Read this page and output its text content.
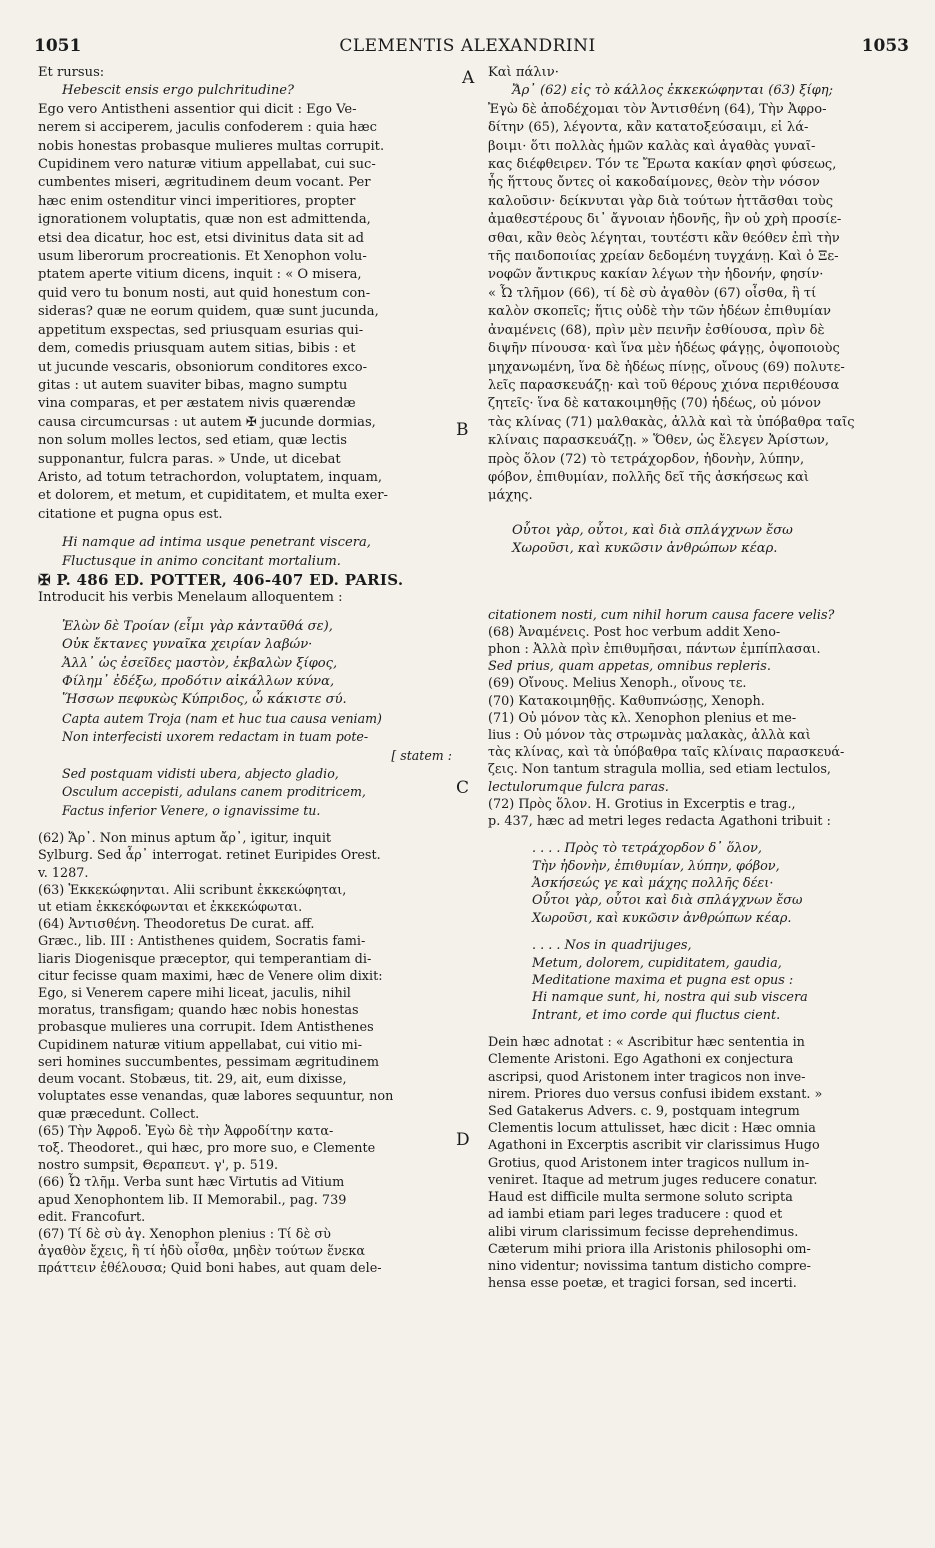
1051	CLEMENTIS ALEXANDRINI	1053
A
B
C
D

Et rursus:

Hebescit ensis ergo pulchritudine?

Ego vero Antistheni assentior qui dicit : Ego Ve-

nerem si acciperem, jaculis confoderem : quia hæc

nobis honestas probasque mulieres multas corrupit.

Cupidinem vero naturæ vitium appellabat, cui suc-

cumbentes miseri, ægritudinem deum vocant. Per

hæc enim ostenditur vinci imperitiores, propter

ignorationem voluptatis, quæ non est admittenda,

etsi dea dicatur, hoc est, etsi divinitus data sit ad

usum liberorum procreationis. Et Xenophon volu-

ptatem aperte vitium dicens, inquit : « O misera,

quid vero tu bonum nosti, aut quid honestum con-

sideras? quæ ne eorum quidem, quæ sunt jucunda,

appetitum exspectas, sed priusquam esurias qui-

dem, comedis priusquam autem sitias, bibis : et

ut jucunde vescaris, obsoniorum conditores exco-

gitas : ut autem suaviter bibas, magno sumptu

vina comparas, et per æstatem nivis quærendæ

causa circumcursas : ut autem ✠ jucunde dormias,

non solum molles lectos, sed etiam, quæ lectis

supponantur, fulcra paras. » Unde, ut dicebat

Aristo, ad totum tetrachordon, voluptatem, inquam,

et dolorem, et metum, et cupiditatem, et multa exer-

citatione et pugna opus est.

Hi namque ad intima usque penetrant viscera,

Fluctusque in animo concitant mortalium.

✠ P. 486 ED. POTTER, 406-407 ED. PARIS.

Introducit his verbis Menelaum alloquentem :

Ἐλὼν δὲ Τροίαν (εἶμι γὰρ κἀνταῦθά σε),

Οὐκ ἔκτανες γυναῖκα χειρίαν λαβών·

Ἀλλ᾽ ὡς ἐσεῖδες μαστὸν, ἐκβαλὼν ξίφος,

Φίλημ᾽ ἐδέξω, προδότιν αἰκάλλων κύνα,

Ἥσσων πεφυκὼς Κύπριδος, ὦ κάκιστε σύ.

Capta autem Troja (nam et huc tua causa veniam)

Non interfecisti uxorem redactam in tuam pote-

[ statem :

Sed postquam vidisti ubera, abjecto gladio,

Osculum accepisti, adulans canem proditricem,

Factus inferior Venere, o ignavissime tu.

(62) Ἄρ᾽. Non minus aptum ἄρ᾽, igitur, inquit

Sylburg. Sed ἆρ᾽ interrogat. retinet Euripides Orest.

v. 1287.

(63) Ἐκκεκώφηνται. Alii scribunt ἐκκεκώφηται,

ut etiam ἐκκεκόφωνται et ἐκκεκώφωται.

(64) Ἀντισθένη. Theodoretus De curat. aff.

Græc., lib. III : Antisthenes quidem, Socratis fami-

liaris Diogenisque præceptor, qui temperantiam di-

citur fecisse quam maximi, hæc de Venere olim dixit:

Ego, si Venerem capere mihi liceat, jaculis, nihil

moratus, transfigam; quando hæc nobis honestas

probasque mulieres una corrupit. Idem Antisthenes

Cupidinem naturæ vitium appellabat, cui vitio mi-

seri homines succumbentes, pessimam ægritudinem

deum vocant. Stobæus, tit. 29, ait, eum dixisse,

voluptates esse venandas, quæ labores sequuntur, non

quæ præcedunt. Collect.

(65) Τὴν Ἀφροδ. Ἐγὼ δὲ τὴν Ἀφροδίτην κατα-

τοξ. Theodoret., qui hæc, pro more suo, e Clemente

nostro sumpsit, Θεραπευτ. γ', p. 519.

(66) Ὦ τλῆμ. Verba sunt hæc Virtutis ad Vitium

apud Xenophontem lib. II Memorabil., pag. 739

edit. Francofurt.

(67) Τί δὲ σὺ ἀγ. Xenophon plenius : Τί δὲ σὺ

ἀγαθὸν ἔχεις, ἢ τί ἡδὺ οἶσθα, μηδὲν τούτων ἕνεκα

πράττειν ἐθέλουσα; Quid boni habes, aut quam dele-

Καὶ πάλιν·

Ἄρ᾽ (62) εἰς τὸ κάλλος ἐκκεκώφηνται (63) ξίφη;

Ἐγὼ δὲ ἀποδέχομαι τὸν Ἀντισθένη (64), Τὴν Ἀφρο-

δίτην (65), λέγοντα, κἂν κατατοξεύσαιμι, εἰ λά-

βοιμι· ὅτι πολλὰς ἡμῶν καλὰς καὶ ἀγαθὰς γυναῖ-

κας διέφθειρεν. Τόν τε Ἔρωτα κακίαν φησὶ φύσεως,

ἧς ἥττους ὄντες οἱ κακοδαίμονες, θεὸν τὴν νόσον

καλοῦσιν· δείκνυται γὰρ διὰ τούτων ἡττᾶσθαι τοὺς

ἀμαθεστέρους δι᾽ ἄγνοιαν ἡδονῆς, ἣν οὐ χρὴ προσίε-

σθαι, κἂν θεὸς λέγηται, τουτέστι κἂν θεόθεν ἐπὶ τὴν

τῆς παιδοποιίας χρείαν δεδομένη τυγχάνῃ. Καὶ ὁ Ξε-

νοφῶν ἄντικρυς κακίαν λέγων τὴν ἡδονήν, φησίν·

« Ὦ τλῆμον (66), τί δὲ σὺ ἀγαθὸν (67) οἶσθα, ἢ τί

καλὸν σκοπεῖς; ἥτις οὐδὲ τὴν τῶν ἡδέων ἐπιθυμίαν

ἀναμένεις (68), πρὶν μὲν πεινῆν ἐσθίουσα, πρὶν δὲ

διψῆν πίνουσα· καὶ ἵνα μὲν ἡδέως φάγῃς, ὀψοποιοὺς

μηχανωμένη, ἵνα δὲ ἡδέως πίνῃς, οἴνους (69) πολυτε-

λεῖς παρασκευάζῃ· καὶ τοῦ θέρους χιόνα περιθέουσα

ζητεῖς· ἵνα δὲ κατακοιμηθῇς (70) ἡδέως, οὐ μόνον

τὰς κλίνας (71) μαλθακὰς, ἀλλὰ καὶ τὰ ὑπόβαθρα ταῖς

κλίναις παρασκευάζῃ. » Ὅθεν, ὡς ἔλεγεν Ἀρίστων,

πρὸς ὅλον (72) τὸ τετράχορδον, ἡδονὴν, λύπην,

φόβον, ἐπιθυμίαν, πολλῆς δεῖ τῆς ἀσκήσεως καὶ

μάχης.

Οὗτοι γὰρ, οὗτοι, καὶ διὰ σπλάγχνων ἔσω

Χωροῦσι, καὶ κυκῶσιν ἀνθρώπων κέαρ.

citationem nosti, cum nihil horum causa facere velis?

(68) Ἀναμένεις. Post hoc verbum addit Xeno-

phon : Ἀλλὰ πρὶν ἐπιθυμῆσαι, πάντων ἐμπίπλασαι.

Sed prius, quam appetas, omnibus repleris.

(69) Οἴνους. Melius Xenoph., οἴνους τε.

(70) Κατακοιμηθῇς. Καθυπνώσῃς, Xenoph.

(71) Οὐ μόνον τὰς κλ. Xenophon plenius et me-

lius : Οὐ μόνον τὰς στρωμνὰς μαλακὰς, ἀλλὰ καὶ

τὰς κλίνας, καὶ τὰ ὑπόβαθρα ταῖς κλίναις παρασκευά-

ζεις. Non tantum stragula mollia, sed etiam lectulos,

lectulorumque fulcra paras.

(72) Πρὸς ὅλον. H. Grotius in Excerptis e trag.,

p. 437, hæc ad metri leges redacta Agathoni tribuit :

. . . . Πρὸς τὸ τετράχορδον δ᾽ ὅλον,

Τὴν ἡδονὴν, ἐπιθυμίαν, λύπην, φόβον,

Ἀσκήσεώς γε καὶ μάχης πολλῆς δέει·

Οὗτοι γὰρ, οὗτοι καὶ διὰ σπλάγχνων ἔσω

Χωροῦσι, καὶ κυκῶσιν ἀνθρώπων κέαρ.

. . . . Nos in quadrijuges,

Metum, dolorem, cupiditatem, gaudia,

Meditatione maxima et pugna est opus :

Hi namque sunt, hi, nostra qui sub viscera

Intrant, et imo corde qui fluctus cient.

Dein hæc adnotat : « Ascribitur hæc sententia in

Clemente Aristoni. Ego Agathoni ex conjectura

ascripsi, quod Aristonem inter tragicos non inve-

nirem. Priores duo versus confusi ibidem exstant. »

Sed Gatakerus Advers. c. 9, postquam integrum

Clementis locum attulisset, hæc dicit : Hæc omnia

Agathoni in Excerptis ascribit vir clarissimus Hugo

Grotius, quod Aristonem inter tragicos nullum in-

veniret. Itaque ad metrum juges reducere conatur.

Haud est difficile multa sermone soluto scripta

ad iambi etiam pari leges traducere : quod et

alibi virum clarissimum fecisse deprehendimus.

Cæterum mihi priora illa Aristonis philosophi om-

nino videntur; novissima tantum disticho compre-

hensa esse poetæ, et tragici forsan, sed incerti.
